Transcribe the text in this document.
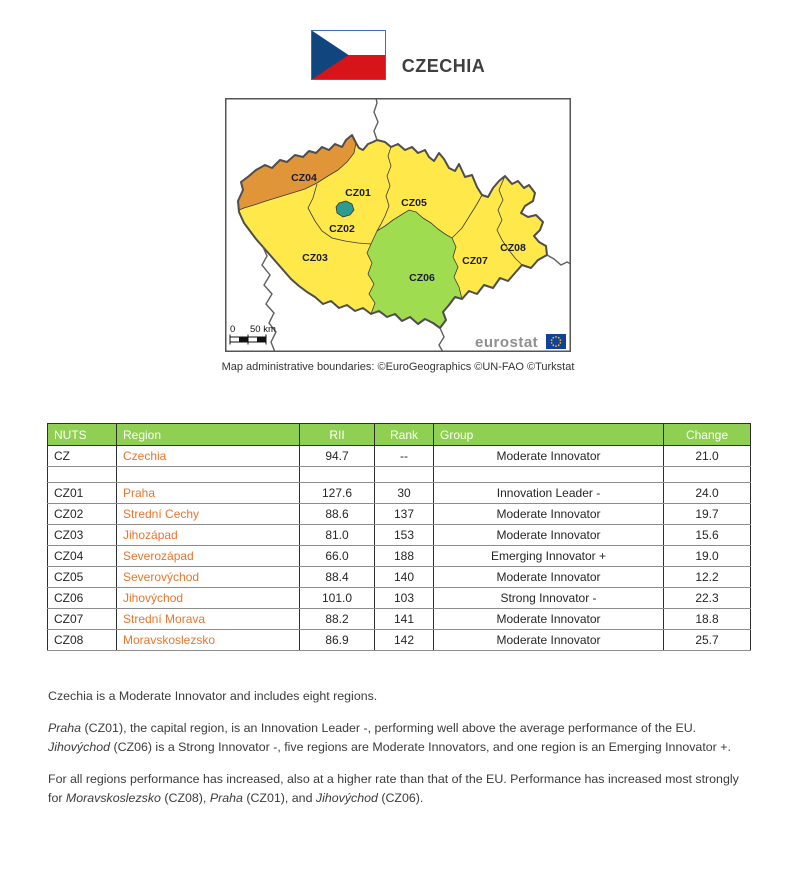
CZECHIA
0 50 km
eurostat
CZ01
CZ02
CZ03
CZ04
CZ05
CZ06
CZ07
CZ08
Map administrative boundaries: ©EuroGeographics ©UN-FAO ©Turkstat
NUTS	Region	RII	Rank	Group	Change
CZ	Czechia	94.7	--	Moderate Innovator	21.0

CZ01	Praha	127.6	30	Innovation Leader -	24.0
CZ02	Strední Cechy	88.6	137	Moderate Innovator	19.7
CZ03	Jihozápad	81.0	153	Moderate Innovator	15.6
CZ04	Severozápad	66.0	188	Emerging Innovator +	19.0
CZ05	Severovýchod	88.4	140	Moderate Innovator	12.2
CZ06	Jihovýchod	101.0	103	Strong Innovator -	22.3
CZ07	Strední Morava	88.2	141	Moderate Innovator	18.8
CZ08	Moravskoslezsko	86.9	142	Moderate Innovator	25.7

Czechia is a Moderate Innovator and includes eight regions.

Praha (CZ01), the capital region, is an Innovation Leader -, performing well above the average performance of the EU. Jihovýchod (CZ06) is a Strong Innovator -, five regions are Moderate Innovators, and one region is an Emerging Innovator +.

For all regions performance has increased, also at a higher rate than that of the EU. Performance has increased most strongly for Moravskoslezsko (CZ08), Praha (CZ01), and Jihovýchod (CZ06).
